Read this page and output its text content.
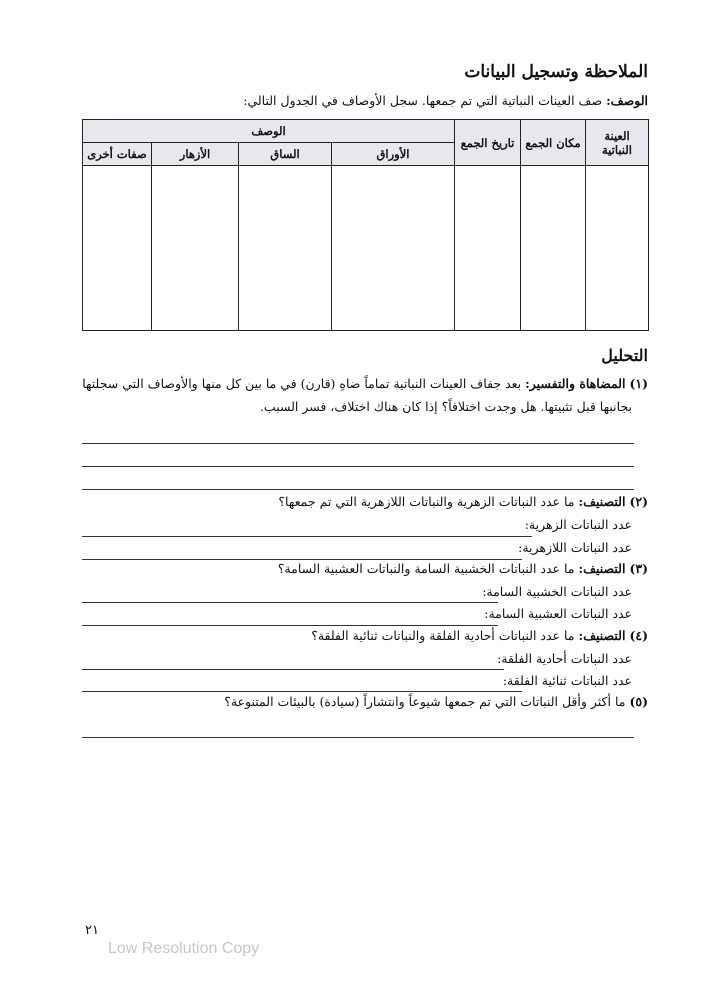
الملاحظة وتسجيل البيانات
الوصف: صف العينات النباتية التي تم جمعها. سجل الأوصاف في الجدول التالي:
العينة
النباتية	مكان الجمع	تاريخ الجمع	الوصف			
			الأوراق	الساق	الأزهار	صفات أخرى

التحليل
(١) المضاهاة والتفسير: بعد جفاف العينات النباتية تماماً ضاهِ (قارن) في ما بين كل منها والأوصاف التي سجلتها
بجانبها قبل تثبيتها. هل وجدت اختلافاً؟ إذا كان هناك اختلاف، فسر السبب.
(٢) التصنيف: ما عدد النباتات الزهرية والنباتات اللازهرية التي تم جمعها؟
عدد النباتات الزهرية:
عدد النباتات اللازهرية:
(٣) التصنيف: ما عدد النباتات الخشبية السامة والنباتات العشبية السامة؟
عدد النباتات الخشبية السامة:
عدد النباتات العشبية السامة:
(٤) التصنيف: ما عدد النباتات أحادية الفلقة والنباتات ثنائية الفلقة؟
عدد النباتات أحادية الفلقة:
عدد النباتات ثنائية الفلقة:
(٥) ما أكثر وأقل النباتات التي تم جمعها شيوعاً وانتشاراً (سيادة) بالبيئات المتنوعة؟
٢١
Low Resolution Copy
